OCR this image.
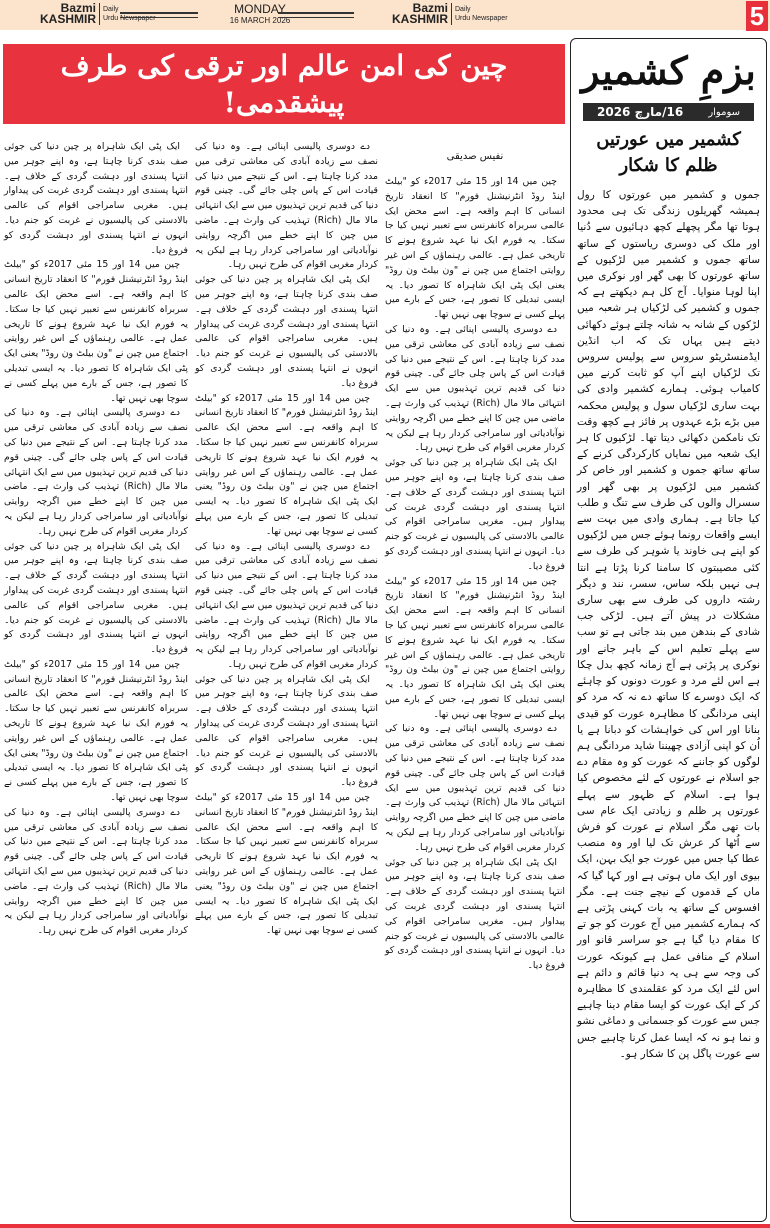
Bazmi
KASHMIR
Daily
Urdu Newspaper
MONDAY
16 MARCH 2026
Bazmi
KASHMIR
Daily
Urdu Newspaper	5
چین کی امن عالم اور ترقی کی طرف پیشقدمی!
نفیس صدیقی

چین میں 14 اور 15 مئی 2017ء کو "بیلٹ اینڈ روڈ انٹرنیشنل فورم" کا انعقاد تاریخ انسانی کا اہم واقعہ ہے۔ اسے محض ایک عالمی سربراہ کانفرنس سے تعبیر نہیں کیا جا سکتا۔ یہ فورم ایک نیا عہد شروع ہونے کا تاریخی عمل ہے۔ عالمی رہنماؤں کے اس غیر روایتی اجتماع میں چین نے "ون بیلٹ ون روڈ" یعنی ایک پٹی ایک شاہراہ کا تصور دیا۔ یہ ایسی تبدیلی کا تصور ہے، جس کے بارے میں پہلے کسی نے سوچا بھی نہیں تھا۔

دے دوسری پالیسی اپنائی ہے۔ وہ دنیا کی نصف سے زیادہ آبادی کی معاشی ترقی میں مدد کرنا چاہتا ہے۔ اس کے نتیجے میں دنیا کی قیادت اس کے پاس چلی جائے گی۔ چینی قوم دنیا کی قدیم ترین تہذیبوں میں سے ایک انتہائی مالا مال (Rich) تہذیب کی وارث ہے۔ ماضی میں چین کا اپنے خطے میں اگرچہ روایتی نوآبادیاتی اور سامراجی کردار رہا ہے لیکن یہ کردار مغربی اقوام کی طرح نہیں رہا۔

ایک پٹی ایک شاہراہ پر چین دنیا کی جوئی صف بندی کرنا چاہتا ہے، وہ اپنے جوہر میں انتہا پسندی اور دہشت گردی کے خلاف ہے۔ انتہا پسندی اور دہشت گردی غربت کی پیداوار ہیں۔ مغربی سامراجی اقوام کی عالمی بالادستی کی پالیسیوں نے غربت کو جنم دیا۔ انہوں نے انتہا پسندی اور دہشت گردی کو فروغ دیا۔

چین میں 14 اور 15 مئی 2017ء کو "بیلٹ اینڈ روڈ انٹرنیشنل فورم" کا انعقاد تاریخ انسانی کا اہم واقعہ ہے۔ اسے محض ایک عالمی سربراہ کانفرنس سے تعبیر نہیں کیا جا سکتا۔ یہ فورم ایک نیا عہد شروع ہونے کا تاریخی عمل ہے۔ عالمی رہنماؤں کے اس غیر روایتی اجتماع میں چین نے "ون بیلٹ ون روڈ" یعنی ایک پٹی ایک شاہراہ کا تصور دیا۔ یہ ایسی تبدیلی کا تصور ہے، جس کے بارے میں پہلے کسی نے سوچا بھی نہیں تھا۔

دے دوسری پالیسی اپنائی ہے۔ وہ دنیا کی نصف سے زیادہ آبادی کی معاشی ترقی میں مدد کرنا چاہتا ہے۔ اس کے نتیجے میں دنیا کی قیادت اس کے پاس چلی جائے گی۔ چینی قوم دنیا کی قدیم ترین تہذیبوں میں سے ایک انتہائی مالا مال (Rich) تہذیب کی وارث ہے۔ ماضی میں چین کا اپنے خطے میں اگرچہ روایتی نوآبادیاتی اور سامراجی کردار رہا ہے لیکن یہ کردار مغربی اقوام کی طرح نہیں رہا۔

ایک پٹی ایک شاہراہ پر چین دنیا کی جوئی صف بندی کرنا چاہتا ہے، وہ اپنے جوہر میں انتہا پسندی اور دہشت گردی کے خلاف ہے۔ انتہا پسندی اور دہشت گردی غربت کی پیداوار ہیں۔ مغربی سامراجی اقوام کی عالمی بالادستی کی پالیسیوں نے غربت کو جنم دیا۔ انہوں نے انتہا پسندی اور دہشت گردی کو فروغ دیا۔

دے دوسری پالیسی اپنائی ہے۔ وہ دنیا کی نصف سے زیادہ آبادی کی معاشی ترقی میں مدد کرنا چاہتا ہے۔ اس کے نتیجے میں دنیا کی قیادت اس کے پاس چلی جائے گی۔ چینی قوم دنیا کی قدیم ترین تہذیبوں میں سے ایک انتہائی مالا مال (Rich) تہذیب کی وارث ہے۔ ماضی میں چین کا اپنے خطے میں اگرچہ روایتی نوآبادیاتی اور سامراجی کردار رہا ہے لیکن یہ کردار مغربی اقوام کی طرح نہیں رہا۔

ایک پٹی ایک شاہراہ پر چین دنیا کی جوئی صف بندی کرنا چاہتا ہے، وہ اپنے جوہر میں انتہا پسندی اور دہشت گردی کے خلاف ہے۔ انتہا پسندی اور دہشت گردی غربت کی پیداوار ہیں۔ مغربی سامراجی اقوام کی عالمی بالادستی کی پالیسیوں نے غربت کو جنم دیا۔ انہوں نے انتہا پسندی اور دہشت گردی کو فروغ دیا۔

چین میں 14 اور 15 مئی 2017ء کو "بیلٹ اینڈ روڈ انٹرنیشنل فورم" کا انعقاد تاریخ انسانی کا اہم واقعہ ہے۔ اسے محض ایک عالمی سربراہ کانفرنس سے تعبیر نہیں کیا جا سکتا۔ یہ فورم ایک نیا عہد شروع ہونے کا تاریخی عمل ہے۔ عالمی رہنماؤں کے اس غیر روایتی اجتماع میں چین نے "ون بیلٹ ون روڈ" یعنی ایک پٹی ایک شاہراہ کا تصور دیا۔ یہ ایسی تبدیلی کا تصور ہے، جس کے بارے میں پہلے کسی نے سوچا بھی نہیں تھا۔

دے دوسری پالیسی اپنائی ہے۔ وہ دنیا کی نصف سے زیادہ آبادی کی معاشی ترقی میں مدد کرنا چاہتا ہے۔ اس کے نتیجے میں دنیا کی قیادت اس کے پاس چلی جائے گی۔ چینی قوم دنیا کی قدیم ترین تہذیبوں میں سے ایک انتہائی مالا مال (Rich) تہذیب کی وارث ہے۔ ماضی میں چین کا اپنے خطے میں اگرچہ روایتی نوآبادیاتی اور سامراجی کردار رہا ہے لیکن یہ کردار مغربی اقوام کی طرح نہیں رہا۔

ایک پٹی ایک شاہراہ پر چین دنیا کی جوئی صف بندی کرنا چاہتا ہے، وہ اپنے جوہر میں انتہا پسندی اور دہشت گردی کے خلاف ہے۔ انتہا پسندی اور دہشت گردی غربت کی پیداوار ہیں۔ مغربی سامراجی اقوام کی عالمی بالادستی کی پالیسیوں نے غربت کو جنم دیا۔ انہوں نے انتہا پسندی اور دہشت گردی کو فروغ دیا۔

چین میں 14 اور 15 مئی 2017ء کو "بیلٹ اینڈ روڈ انٹرنیشنل فورم" کا انعقاد تاریخ انسانی کا اہم واقعہ ہے۔ اسے محض ایک عالمی سربراہ کانفرنس سے تعبیر نہیں کیا جا سکتا۔ یہ فورم ایک نیا عہد شروع ہونے کا تاریخی عمل ہے۔ عالمی رہنماؤں کے اس غیر روایتی اجتماع میں چین نے "ون بیلٹ ون روڈ" یعنی ایک پٹی ایک شاہراہ کا تصور دیا۔ یہ ایسی تبدیلی کا تصور ہے، جس کے بارے میں پہلے کسی نے سوچا بھی نہیں تھا۔

ایک پٹی ایک شاہراہ پر چین دنیا کی جوئی صف بندی کرنا چاہتا ہے، وہ اپنے جوہر میں انتہا پسندی اور دہشت گردی کے خلاف ہے۔ انتہا پسندی اور دہشت گردی غربت کی پیداوار ہیں۔ مغربی سامراجی اقوام کی عالمی بالادستی کی پالیسیوں نے غربت کو جنم دیا۔ انہوں نے انتہا پسندی اور دہشت گردی کو فروغ دیا۔

چین میں 14 اور 15 مئی 2017ء کو "بیلٹ اینڈ روڈ انٹرنیشنل فورم" کا انعقاد تاریخ انسانی کا اہم واقعہ ہے۔ اسے محض ایک عالمی سربراہ کانفرنس سے تعبیر نہیں کیا جا سکتا۔ یہ فورم ایک نیا عہد شروع ہونے کا تاریخی عمل ہے۔ عالمی رہنماؤں کے اس غیر روایتی اجتماع میں چین نے "ون بیلٹ ون روڈ" یعنی ایک پٹی ایک شاہراہ کا تصور دیا۔ یہ ایسی تبدیلی کا تصور ہے، جس کے بارے میں پہلے کسی نے سوچا بھی نہیں تھا۔

دے دوسری پالیسی اپنائی ہے۔ وہ دنیا کی نصف سے زیادہ آبادی کی معاشی ترقی میں مدد کرنا چاہتا ہے۔ اس کے نتیجے میں دنیا کی قیادت اس کے پاس چلی جائے گی۔ چینی قوم دنیا کی قدیم ترین تہذیبوں میں سے ایک انتہائی مالا مال (Rich) تہذیب کی وارث ہے۔ ماضی میں چین کا اپنے خطے میں اگرچہ روایتی نوآبادیاتی اور سامراجی کردار رہا ہے لیکن یہ کردار مغربی اقوام کی طرح نہیں رہا۔

ایک پٹی ایک شاہراہ پر چین دنیا کی جوئی صف بندی کرنا چاہتا ہے، وہ اپنے جوہر میں انتہا پسندی اور دہشت گردی کے خلاف ہے۔ انتہا پسندی اور دہشت گردی غربت کی پیداوار ہیں۔ مغربی سامراجی اقوام کی عالمی بالادستی کی پالیسیوں نے غربت کو جنم دیا۔ انہوں نے انتہا پسندی اور دہشت گردی کو فروغ دیا۔

چین میں 14 اور 15 مئی 2017ء کو "بیلٹ اینڈ روڈ انٹرنیشنل فورم" کا انعقاد تاریخ انسانی کا اہم واقعہ ہے۔ اسے محض ایک عالمی سربراہ کانفرنس سے تعبیر نہیں کیا جا سکتا۔ یہ فورم ایک نیا عہد شروع ہونے کا تاریخی عمل ہے۔ عالمی رہنماؤں کے اس غیر روایتی اجتماع میں چین نے "ون بیلٹ ون روڈ" یعنی ایک پٹی ایک شاہراہ کا تصور دیا۔ یہ ایسی تبدیلی کا تصور ہے، جس کے بارے میں پہلے کسی نے سوچا بھی نہیں تھا۔

دے دوسری پالیسی اپنائی ہے۔ وہ دنیا کی نصف سے زیادہ آبادی کی معاشی ترقی میں مدد کرنا چاہتا ہے۔ اس کے نتیجے میں دنیا کی قیادت اس کے پاس چلی جائے گی۔ چینی قوم دنیا کی قدیم ترین تہذیبوں میں سے ایک انتہائی مالا مال (Rich) تہذیب کی وارث ہے۔ ماضی میں چین کا اپنے خطے میں اگرچہ روایتی نوآبادیاتی اور سامراجی کردار رہا ہے لیکن یہ کردار مغربی اقوام کی طرح نہیں رہا۔

بزمِ کشمیر
سوموار
16/مارچ 2026
کشمیر میں عورتیں ظلم کا شکار
جموں و کشمیر میں عورتوں کا رول ہمیشہ گھریلوں زندگی تک ہی محدود ہوتا تھا مگر پچھلے کچھ دہائیوں سے دُنیا اور ملک کی دوسری ریاستوں کے ساتھ ساتھ جموں و کشمیر میں لڑکیوں کے ساتھ عورتوں کا بھی گھر اور نوکری میں اپنا لوہا منوایا۔ آج کل ہم دیکھتے ہے کہ جموں و کشمیر کی لڑکیاں ہر شعبہ میں لڑکوں کے شانہ بہ شانہ چلتے ہوئے دکھائی دیتے ہیں یہاں تک کہ اب انڈین ایڈمنسٹریٹو سروس سے پولیس سروس تک لڑکیاں اپنے آپ کو ثابت کرنے میں کامیاب ہوئی۔ ہمارے کشمیر وادی کی بہت ساری لڑکیاں سول و پولیس محکمہ میں بڑے بڑے عہدوں پر فائز ہے کچھ وقت تک نامکمن دکھائی دیتا تھا۔ لڑکیوں کا ہر ایک شعبہ میں نمایاں کارکردگی کرنے کے ساتھ ساتھ جموں و کشمیر اور خاص کر کشمیر میں لڑکیوں پر بھی گھر اور سسرال والوں کی طرف سے تنگ و طلب کیا جاتا ہے۔ ہماری وادی میں بہت سے ایسے واقعات رونما ہوئے جس میں لڑکیوں کو اپنے ہی خاوند یا شوہر کی طرف سے کئی مصیبتوں کا سامنا کرنا پڑتا ہے انتا ہی نہیں بلکہ ساس، سسر، نند و دیگر رشتہ داروں کی طرف سے بھی ساری مشکلات در پیش آتے ہیں۔ لڑکی جب شادی کے بندھن میں بند جاتی ہے تو سب سے پہلے تعلیم اس کے باہر جانے اور نوکری پر پڑتی ہے آج زمانہ کچھ بدل چکا ہے اس لئے مرد و عورت دونوں کو چاہئے کہ ایک دوسرے کا ساتھ دے نہ کہ مرد کو اپنی مردانگی کا مظاہرہ عورت کو قیدی بنانا اور اس کی خواہشات کو دبانا ہے یا اُن کو اپنی آزادی چھیننا شاید مردانگی ہم لوگوں کو جاننے کہ عورت کو وہ مقام دے جو اسلام نے عورتوں کے لئے مخصوص کیا ہوا ہے۔ اسلام کے ظہور سے پہلے عورتوں پر ظلم و زیادتی ایک عام سی بات تھی مگر اسلام نے عورت کو فرش سے اُٹھا کر عرش تک لیا اور وہ منصب عطا کیا جس میں عورت جو ایک بہن، ایک بیوی اور ایک ماں ہوتی ہے اور کہا گیا کہ ماں کے قدموں کے نیچے جنت ہے۔ مگر افسوس کے ساتھ یہ بات کہنی پڑتی ہے کہ ہمارے کشمیر میں آج عورت کو جو تے کا مقام دیا گیا ہے جو سراسر قانو اور اسلام کے منافی عمل ہے کیونکہ عورت کی وجہ سے ہی یہ دنیا قائم و دائم ہے اس لئے ایک مرد کو عقلمندی کا مظاہرہ کر کے ایک عورت کو ایسا مقام دینا چاہیے جس سے عورت کو جسمانی و دماغی نشو و نما ہو نہ کہ ایسا عمل کرنا چاہیے جس سے عورت پاگل پن کا شکار ہو۔
